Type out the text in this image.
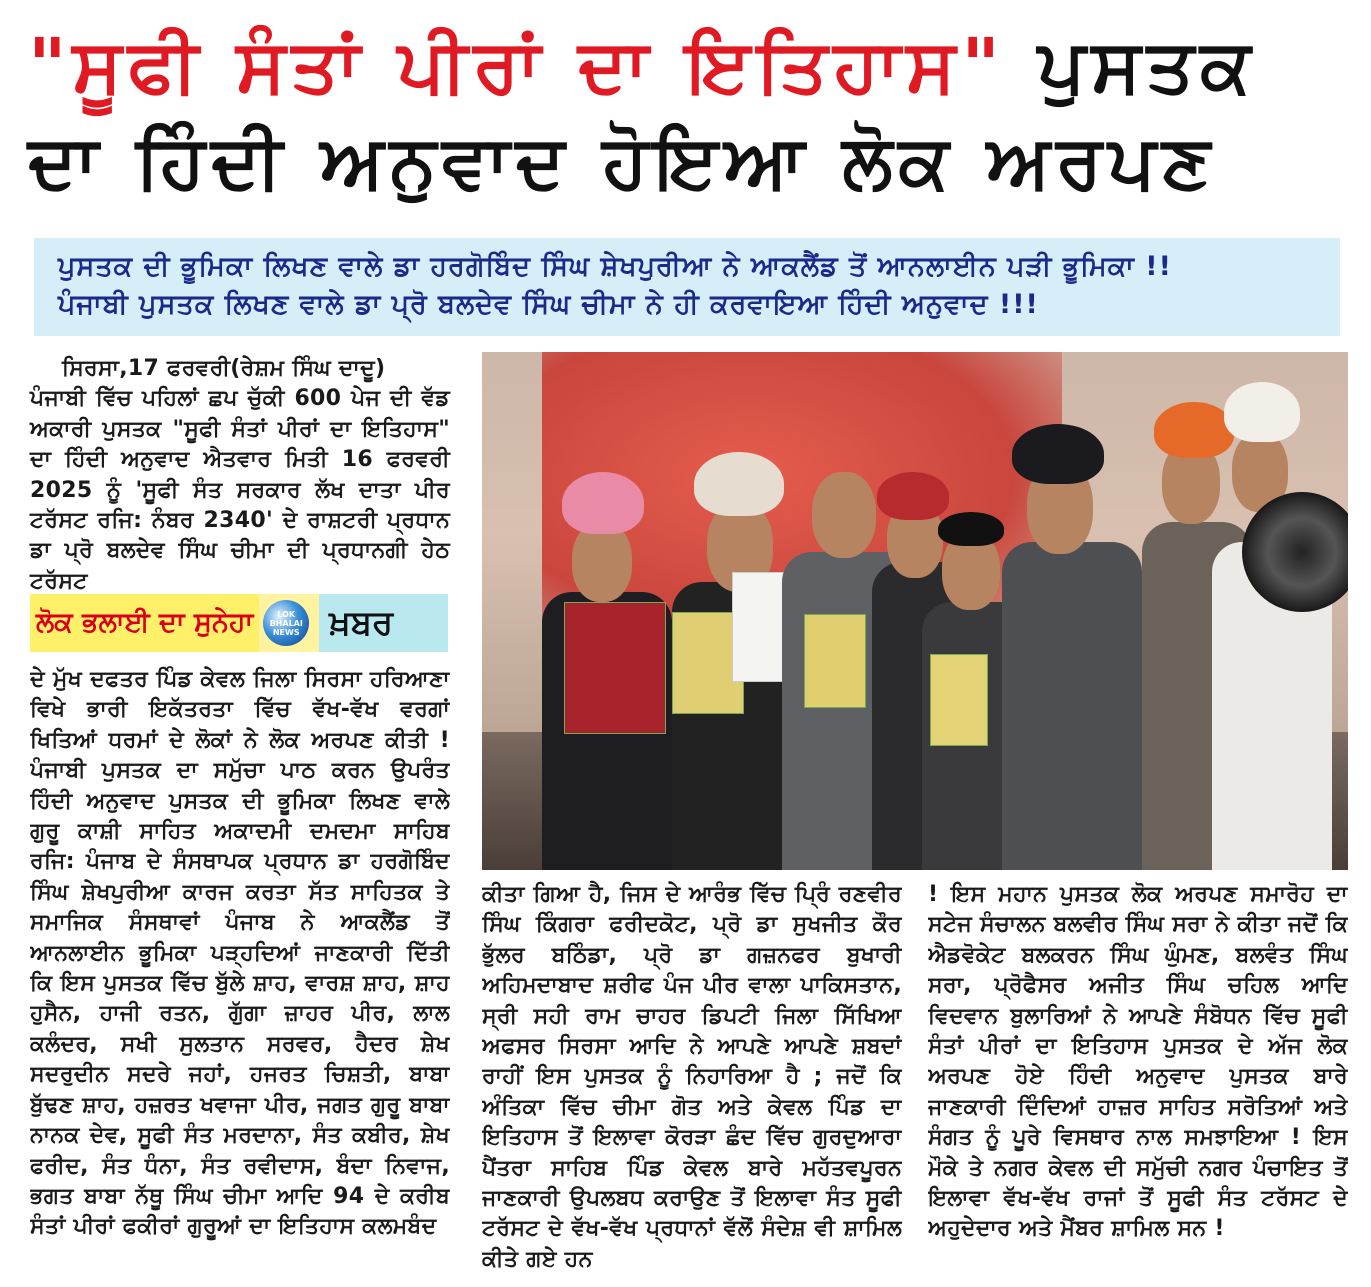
"ਸੂਫੀ ਸੰਤਾਂ ਪੀਰਾਂ ਦਾ ਇਤਿਹਾਸ" ਪੁਸਤਕ
ਦਾ ਹਿੰਦੀ ਅਨੁਵਾਦ ਹੋਇਆ ਲੋਕ ਅਰਪਣ
ਪੁਸਤਕ ਦੀ ਭੂਮਿਕਾ ਲਿਖਣ ਵਾਲੇ ਡਾ ਹਰਗੋਬਿੰਦ ਸਿੰਘ ਸ਼ੇਖਪੁਰੀਆ ਨੇ ਆਕਲੈਂਡ ਤੋਂ ਆਨਲਾਈਨ ਪੜੀ ਭੂਮਿਕਾ !!
ਪੰਜਾਬੀ ਪੁਸਤਕ ਲਿਖਣ ਵਾਲੇ ਡਾ ਪ੍ਰੋ ਬਲਦੇਵ ਸਿੰਘ ਚੀਮਾ ਨੇ ਹੀ ਕਰਵਾਇਆ ਹਿੰਦੀ ਅਨੁਵਾਦ !!!

ਸਿਰਸਾ,17 ਫਰਵਰੀ(ਰੇਸ਼ਮ ਸਿੰਘ ਦਾਦੂ)

ਪੰਜਾਬੀ ਵਿੱਚ ਪਹਿਲਾਂ ਛਪ ਚੁੱਕੀ 600 ਪੇਜ ਦੀ ਵੱਡ ਅਕਾਰੀ ਪੁਸਤਕ "ਸੂਫੀ ਸੰਤਾਂ ਪੀਰਾਂ ਦਾ ਇਤਿਹਾਸ" ਦਾ ਹਿੰਦੀ ਅਨੁਵਾਦ ਐਤਵਾਰ ਮਿਤੀ 16 ਫਰਵਰੀ 2025 ਨੂੰ 'ਸੂਫੀ ਸੰਤ ਸਰਕਾਰ ਲੱਖ ਦਾਤਾ ਪੀਰ ਟਰੱਸਟ ਰਜਿ: ਨੰਬਰ 2340' ਦੇ ਰਾਸ਼ਟਰੀ ਪ੍ਰਧਾਨ ਡਾ ਪ੍ਰੋ ਬਲਦੇਵ ਸਿੰਘ ਚੀਮਾ ਦੀ ਪ੍ਰਧਾਨਗੀ ਹੇਠ ਟਰੱਸਟ

ਲੋਕ ਭਲਾਈ ਦਾ ਸੁਨੇਹਾ	LOK BHALAI NEWS ਖ਼ਬਰ

ਦੇ ਮੁੱਖ ਦਫਤਰ ਪਿੰਡ ਕੇਵਲ ਜਿਲਾ ਸਿਰਸਾ ਹਰਿਆਣਾ ਵਿਖੇ ਭਾਰੀ ਇਕੱਤਰਤਾ ਵਿੱਚ ਵੱਖ-ਵੱਖ ਵਰਗਾਂ ਖਿਤਿਆਂ ਧਰਮਾਂ ਦੇ ਲੋਕਾਂ ਨੇ ਲੋਕ ਅਰਪਣ ਕੀਤੀ ! ਪੰਜਾਬੀ ਪੁਸਤਕ ਦਾ ਸਮੁੱਚਾ ਪਾਠ ਕਰਨ ਉਪਰੰਤ ਹਿੰਦੀ ਅਨੁਵਾਦ ਪੁਸਤਕ ਦੀ ਭੂਮਿਕਾ ਲਿਖਣ ਵਾਲੇ ਗੁਰੂ ਕਾਸ਼ੀ ਸਾਹਿਤ ਅਕਾਦਮੀ ਦਮਦਮਾ ਸਾਹਿਬ ਰਜਿ: ਪੰਜਾਬ ਦੇ ਸੰਸਥਾਪਕ ਪ੍ਰਧਾਨ ਡਾ ਹਰਗੋਬਿੰਦ ਸਿੰਘ ਸ਼ੇਖਪੁਰੀਆ ਕਾਰਜ ਕਰਤਾ ਸੱਤ ਸਾਹਿਤਕ ਤੇ ਸਮਾਜਿਕ ਸੰਸਥਾਵਾਂ ਪੰਜਾਬ ਨੇ ਆਕਲੈਂਡ ਤੋਂ ਆਨਲਾਈਨ ਭੂਮਿਕਾ ਪੜ੍ਹਦਿਆਂ ਜਾਣਕਾਰੀ ਦਿੱਤੀ ਕਿ ਇਸ ਪੁਸਤਕ ਵਿੱਚ ਬੁੱਲੇ ਸ਼ਾਹ, ਵਾਰਸ਼ ਸ਼ਾਹ, ਸ਼ਾਹ ਹੁਸੈਨ, ਹਾਜੀ ਰਤਨ, ਗੁੱਗਾ ਜ਼ਾਹਰ ਪੀਰ, ਲਾਲ ਕਲੰਦਰ, ਸਖੀ ਸੁਲਤਾਨ ਸਰਵਰ, ਹੈਦਰ ਸ਼ੇਖ ਸਦਰੁਦੀਨ ਸਦਰੇ ਜਹਾਂ, ਹਜਰਤ ਚਿਸ਼ਤੀ, ਬਾਬਾ ਬੁੱਢਣ ਸ਼ਾਹ, ਹਜ਼ਰਤ ਖਵਾਜਾ ਪੀਰ, ਜਗਤ ਗੁਰੂ ਬਾਬਾ ਨਾਨਕ ਦੇਵ, ਸੂਫੀ ਸੰਤ ਮਰਦਾਨਾ, ਸੰਤ ਕਬੀਰ, ਸ਼ੇਖ ਫਰੀਦ, ਸੰਤ ਧੰਨਾ, ਸੰਤ ਰਵੀਦਾਸ, ਬੰਦਾ ਨਿਵਾਜ, ਭਗਤ ਬਾਬਾ ਨੱਥੂ ਸਿੰਘ ਚੀਮਾ ਆਦਿ 94 ਦੇ ਕਰੀਬ ਸੰਤਾਂ ਪੀਰਾਂ ਫਕੀਰਾਂ ਗੁਰੂਆਂ ਦਾ ਇਤਿਹਾਸ ਕਲਮਬੰਦ

ਕੀਤਾ ਗਿਆ ਹੈ, ਜਿਸ ਦੇ ਆਰੰਭ ਵਿੱਚ ਪ੍ਰਿੰ ਰਣਵੀਰ ਸਿੰਘ ਕਿੰਗਰਾ ਫਰੀਦਕੋਟ, ਪ੍ਰੋ ਡਾ ਸੁਖਜੀਤ ਕੌਰ ਭੁੱਲਰ ਬਠਿੰਡਾ, ਪ੍ਰੋ ਡਾ ਗਜ਼ਨਫਰ ਬੁਖਾਰੀ ਅਹਿਮਦਾਬਾਦ ਸ਼ਰੀਫ ਪੰਜ ਪੀਰ ਵਾਲਾ ਪਾਕਿਸਤਾਨ, ਸ੍ਰੀ ਸਹੀ ਰਾਮ ਚਾਹਰ ਡਿਪਟੀ ਜਿਲਾ ਸਿੱਖਿਆ ਅਫਸਰ ਸਿਰਸਾ ਆਦਿ ਨੇ ਆਪਣੇ ਆਪਣੇ ਸ਼ਬਦਾਂ ਰਾਹੀਂ ਇਸ ਪੁਸਤਕ ਨੂੰ ਨਿਹਾਰਿਆ ਹੈ ; ਜਦੋਂ ਕਿ ਅੰਤਿਕਾ ਵਿੱਚ ਚੀਮਾ ਗੋਤ ਅਤੇ ਕੇਵਲ ਪਿੰਡ ਦਾ ਇਤਿਹਾਸ ਤੋਂ ਇਲਾਵਾ ਕੋਰੜਾ ਛੰਦ ਵਿੱਚ ਗੁਰਦੁਆਰਾ ਪੈਂਤਰਾ ਸਾਹਿਬ ਪਿੰਡ ਕੇਵਲ ਬਾਰੇ ਮਹੱਤਵਪੂਰਨ ਜਾਣਕਾਰੀ ਉਪਲਬਧ ਕਰਾਉਣ ਤੋਂ ਇਲਾਵਾ ਸੰਤ ਸੂਫੀ ਟਰੱਸਟ ਦੇ ਵੱਖ-ਵੱਖ ਪ੍ਰਧਾਨਾਂ ਵੱਲੋਂ ਸੰਦੇਸ਼ ਵੀ ਸ਼ਾਮਿਲ ਕੀਤੇ ਗਏ ਹਨ

! ਇਸ ਮਹਾਨ ਪੁਸਤਕ ਲੋਕ ਅਰਪਣ ਸਮਾਰੋਹ ਦਾ ਸਟੇਜ ਸੰਚਾਲਨ ਬਲਵੀਰ ਸਿੰਘ ਸਰਾ ਨੇ ਕੀਤਾ ਜਦੋਂ ਕਿ ਐਡਵੋਕੇਟ ਬਲਕਰਨ ਸਿੰਘ ਘੁੰਮਣ, ਬਲਵੰਤ ਸਿੰਘ ਸਰਾ, ਪ੍ਰੋਫੈਸਰ ਅਜੀਤ ਸਿੰਘ ਚਹਿਲ ਆਦਿ ਵਿਦਵਾਨ ਬੁਲਾਰਿਆਂ ਨੇ ਆਪਣੇ ਸੰਬੋਧਨ ਵਿੱਚ ਸੂਫੀ ਸੰਤਾਂ ਪੀਰਾਂ ਦਾ ਇਤਿਹਾਸ ਪੁਸਤਕ ਦੇ ਅੱਜ ਲੋਕ ਅਰਪਣ ਹੋਏ ਹਿੰਦੀ ਅਨੁਵਾਦ ਪੁਸਤਕ ਬਾਰੇ ਜਾਣਕਾਰੀ ਦਿੰਦਿਆਂ ਹਾਜ਼ਰ ਸਾਹਿਤ ਸਰੋਤਿਆਂ ਅਤੇ ਸੰਗਤ ਨੂੰ ਪੂਰੇ ਵਿਸਥਾਰ ਨਾਲ ਸਮਝਾਇਆ ! ਇਸ ਮੌਕੇ ਤੇ ਨਗਰ ਕੇਵਲ ਦੀ ਸਮੁੱਚੀ ਨਗਰ ਪੰਚਾਇਤ ਤੋਂ ਇਲਾਵਾ ਵੱਖ-ਵੱਖ ਰਾਜਾਂ ਤੋਂ ਸੂਫੀ ਸੰਤ ਟਰੱਸਟ ਦੇ ਅਹੁਦੇਦਾਰ ਅਤੇ ਮੈਂਬਰ ਸ਼ਾਮਿਲ ਸਨ !
